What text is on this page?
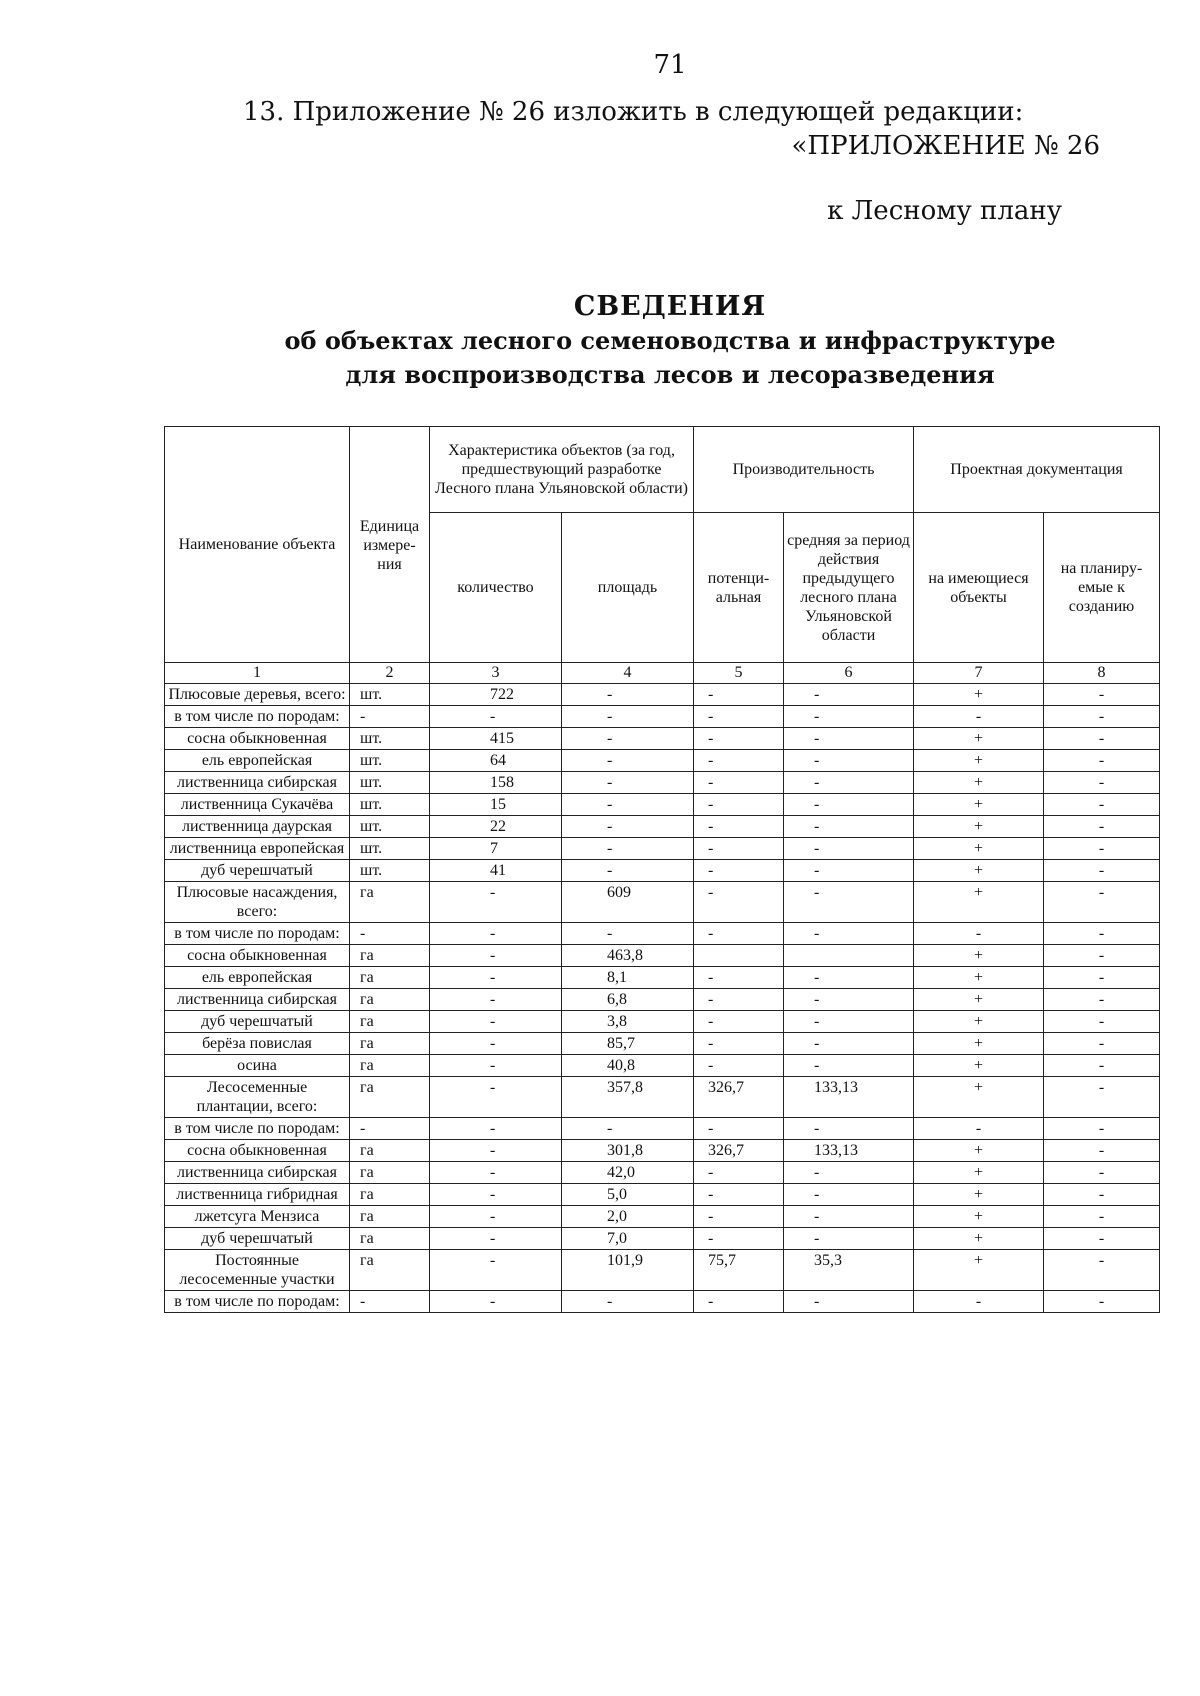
71
13. Приложение № 26 изложить в следующей редакции:
«ПРИЛОЖЕНИЕ № 26
к Лесному плану
СВЕДЕНИЯ
об объектах лесного семеноводства и инфраструктуре
для воспроизводства лесов и лесоразведения
Наименование объекта	Единица измере- ния	Характеристика объектов (за год, предшествующий разработке Лесного плана Ульяновской области)		Производительность		Проектная документация	
		количество	площадь	потенци- альная	средняя за период действия предыдущего лесного плана Ульяновской области	на имеющиеся объекты	на планиру- емые к созданию
1	2	3	4	5	6	7	8
Плюсовые деревья, всего:	шт.	722	-	-	-	+	-
в том числе по породам:	-	-	-	-	-	-	-
сосна обыкновенная	шт.	415	-	-	-	+	-
ель европейская	шт.	64	-	-	-	+	-
лиственница сибирская	шт.	158	-	-	-	+	-
лиственница Сукачёва	шт.	15	-	-	-	+	-
лиственница даурская	шт.	22	-	-	-	+	-
лиственница европейская	шт.	7	-	-	-	+	-
дуб черешчатый	шт.	41	-	-	-	+	-
Плюсовые насаждения, всего:	га	-	609	-	-	+	-
в том числе по породам:	-	-	-	-	-	-	-
сосна обыкновенная	га	-	463,8			+	-
ель европейская	га	-	8,1	-	-	+	-
лиственница сибирская	га	-	6,8	-	-	+	-
дуб черешчатый	га	-	3,8	-	-	+	-
берёза повислая	га	-	85,7	-	-	+	-
осина	га	-	40,8	-	-	+	-
Лесосеменные плантации, всего:	га	-	357,8	326,7	133,13	+	-
в том числе по породам:	-	-	-	-	-	-	-
сосна обыкновенная	га	-	301,8	326,7	133,13	+	-
лиственница сибирская	га	-	42,0	-	-	+	-
лиственница гибридная	га	-	5,0	-	-	+	-
лжетсуга Мензиса	га	-	2,0	-	-	+	-
дуб черешчатый	га	-	7,0	-	-	+	-
Постоянные лесосеменные участки	га	-	101,9	75,7	35,3	+	-
в том числе по породам:	-	-	-	-	-	-	-
